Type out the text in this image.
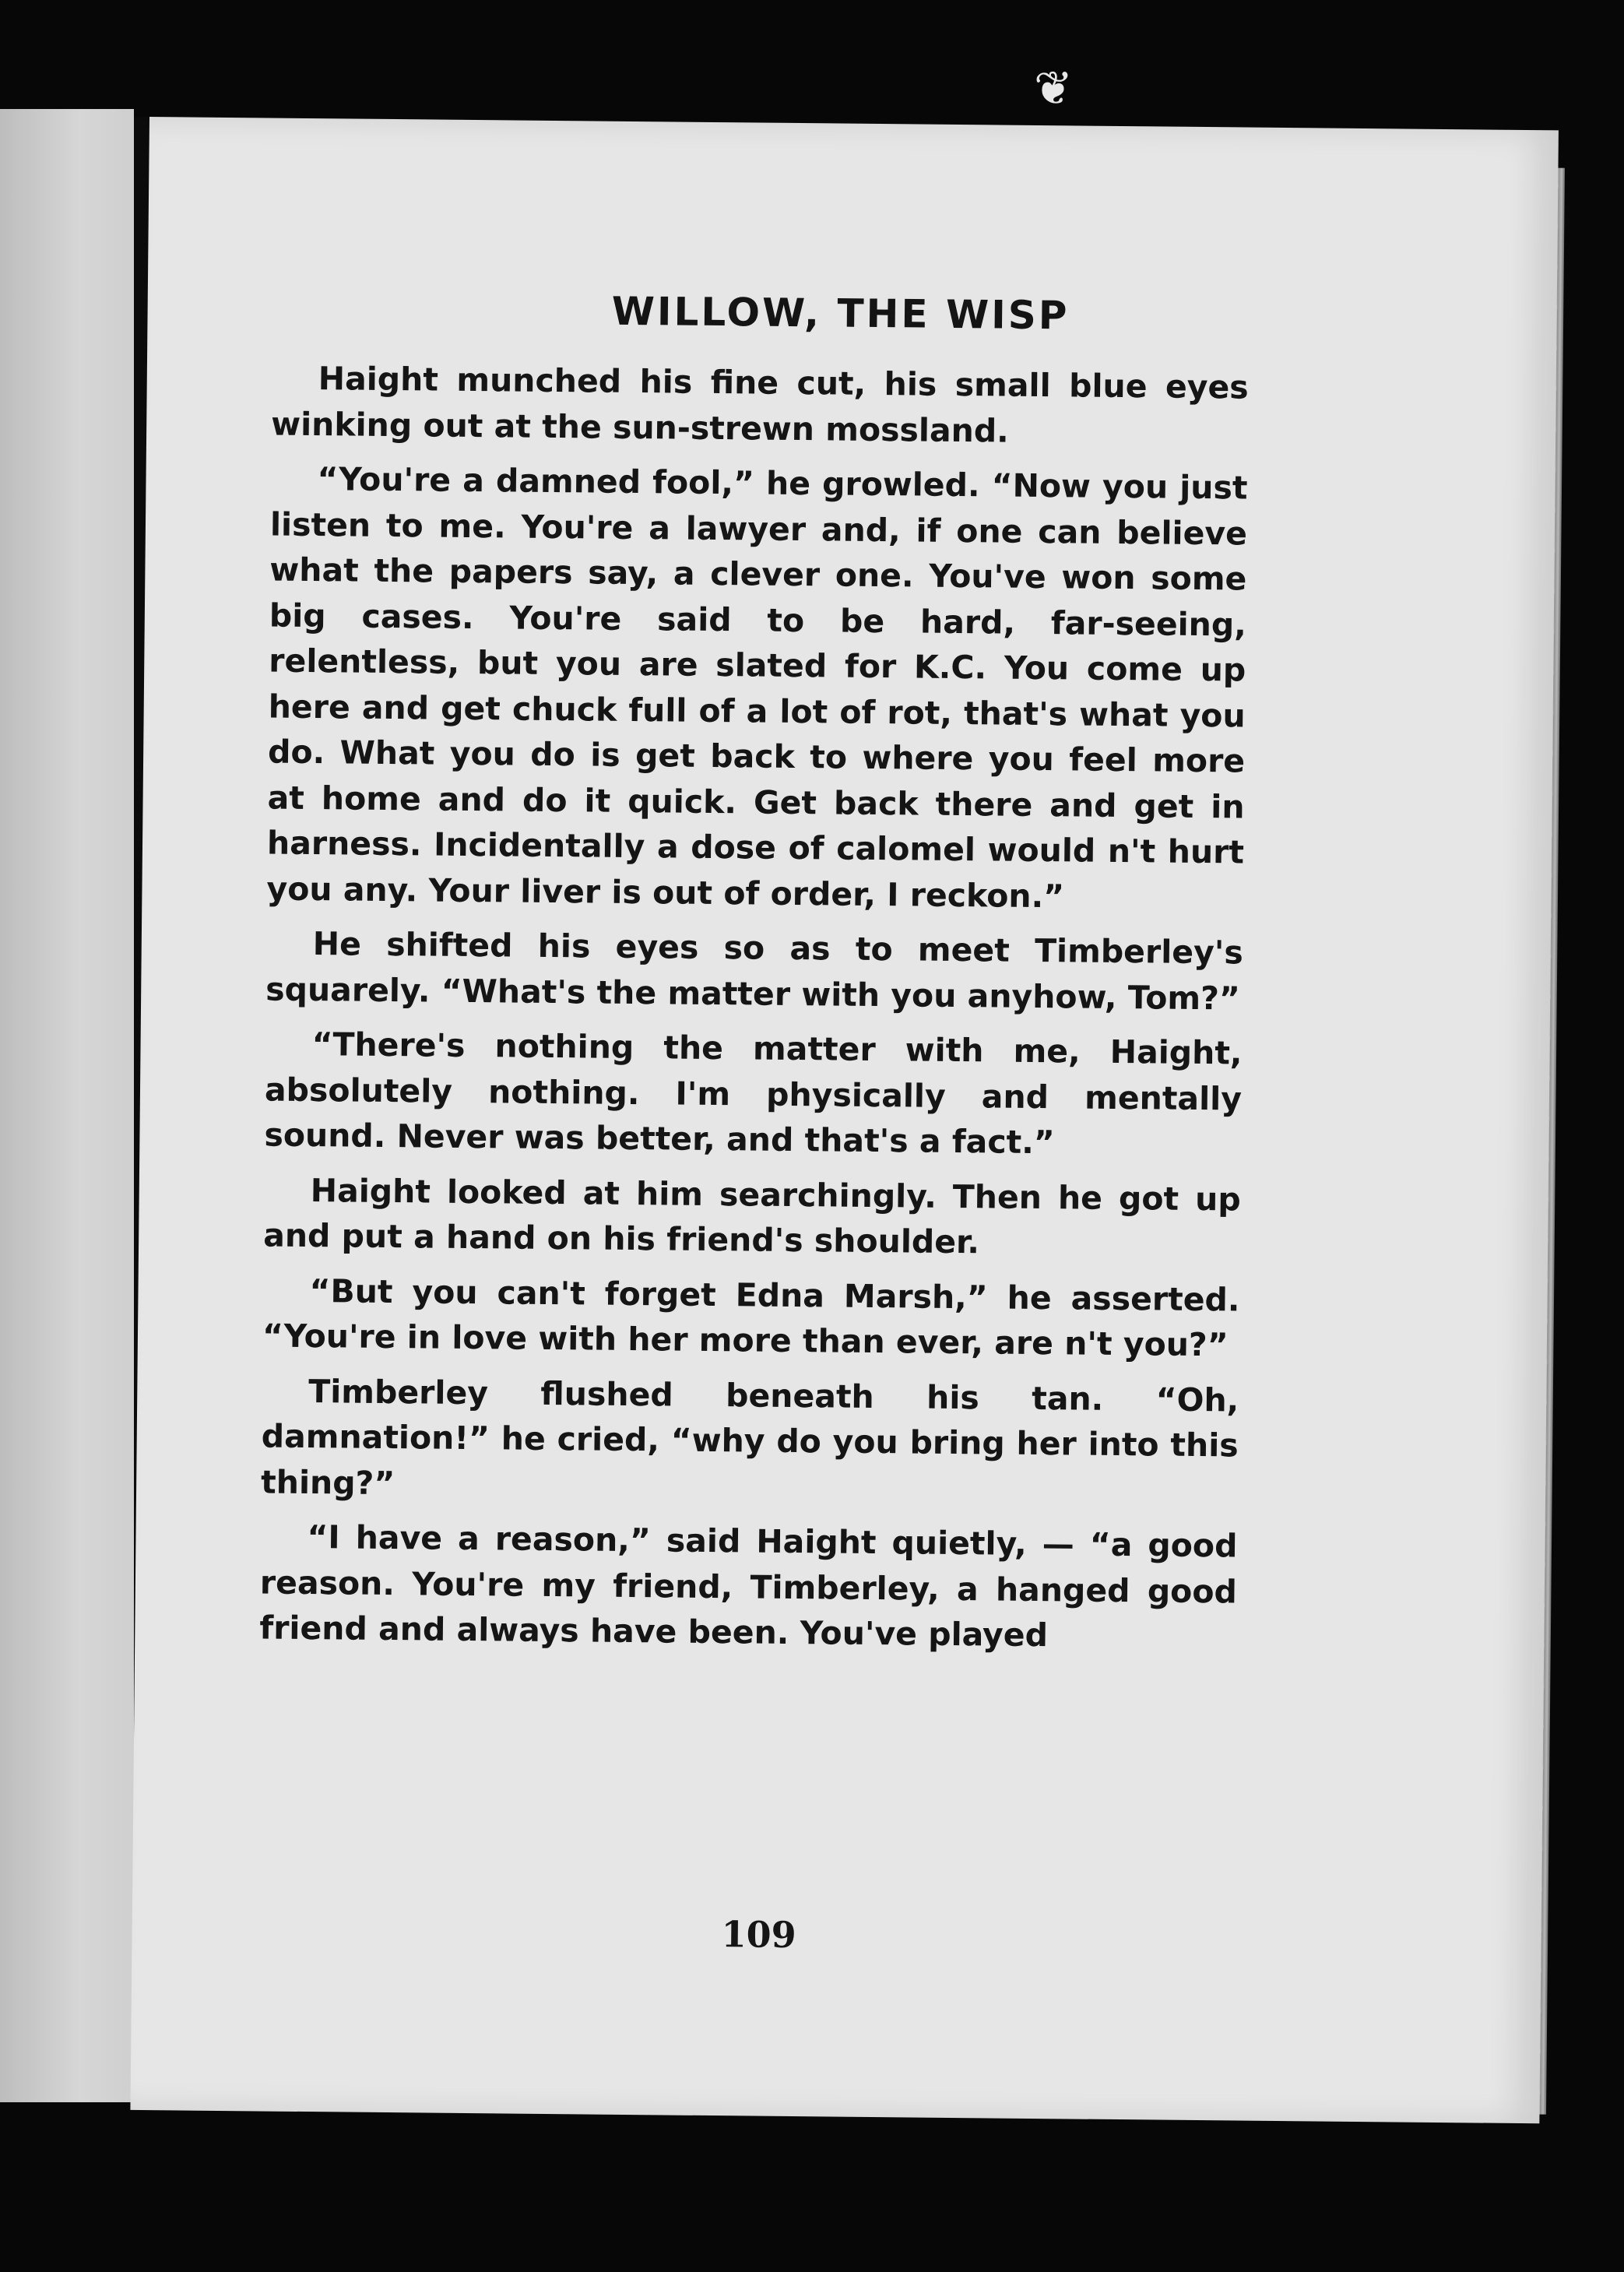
❦
WILLOW, THE WISP

Haight munched his fine cut, his small blue eyes winking out at the sun-strewn mossland.

“You're a damned fool,” he growled. “Now you just listen to me. You're a lawyer and, if one can believe what the papers say, a clever one. You've won some big cases. You're said to be hard, far-seeing, relentless, but you are slated for K.C. You come up here and get chuck full of a lot of rot, that's what you do. What you do is get back to where you feel more at home and do it quick. Get back there and get in harness. Incidentally a dose of calomel would n't hurt you any. Your liver is out of order, I reckon.”

He shifted his eyes so as to meet Timberley's squarely. “What's the matter with you anyhow, Tom?”

“There's nothing the matter with me, Haight, absolutely nothing. I'm physically and mentally sound. Never was better, and that's a fact.”

Haight looked at him searchingly. Then he got up and put a hand on his friend's shoulder.

“But you can't forget Edna Marsh,” he asserted. “You're in love with her more than ever, are n't you?”

Timberley flushed beneath his tan. “Oh, damnation!” he cried, “why do you bring her into this thing?”

“I have a reason,” said Haight quietly, — “a good reason. You're my friend, Timberley, a hanged good friend and always have been. You've played

109
